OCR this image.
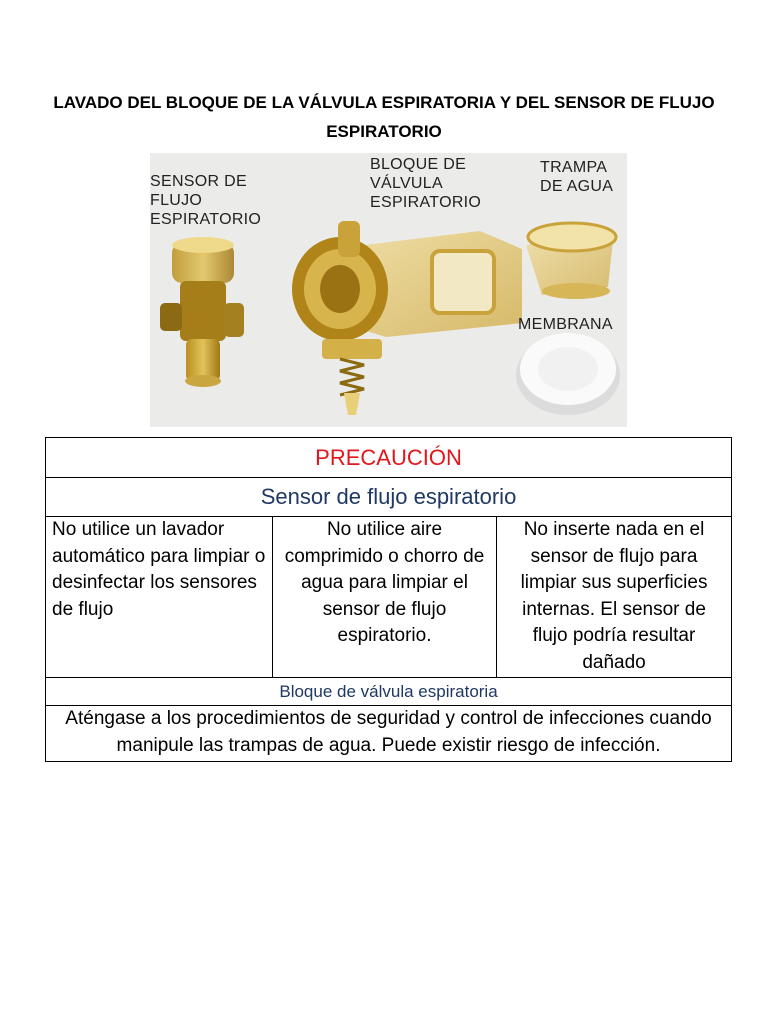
LAVADO DEL BLOQUE DE LA VÁLVULA ESPIRATORIA Y DEL SENSOR DE FLUJO ESPIRATORIO
SENSOR DE
FLUJO
ESPIRATORIO
BLOQUE DE
VÁLVULA
ESPIRATORIO
TRAMPA
DE AGUA
MEMBRANA
PRECAUCIÓN
Sensor de flujo espiratorio
No utilice un lavador automático para limpiar o desinfectar los sensores de flujo	No utilice aire comprimido o chorro de agua para limpiar el sensor de flujo espiratorio.	No inserte nada en el sensor de flujo para limpiar sus superficies internas. El sensor de flujo podría resultar dañado
Bloque de válvula espiratoria
Aténgase a los procedimientos de seguridad y control de infecciones cuando manipule las trampas de agua. Puede existir riesgo de infección.
